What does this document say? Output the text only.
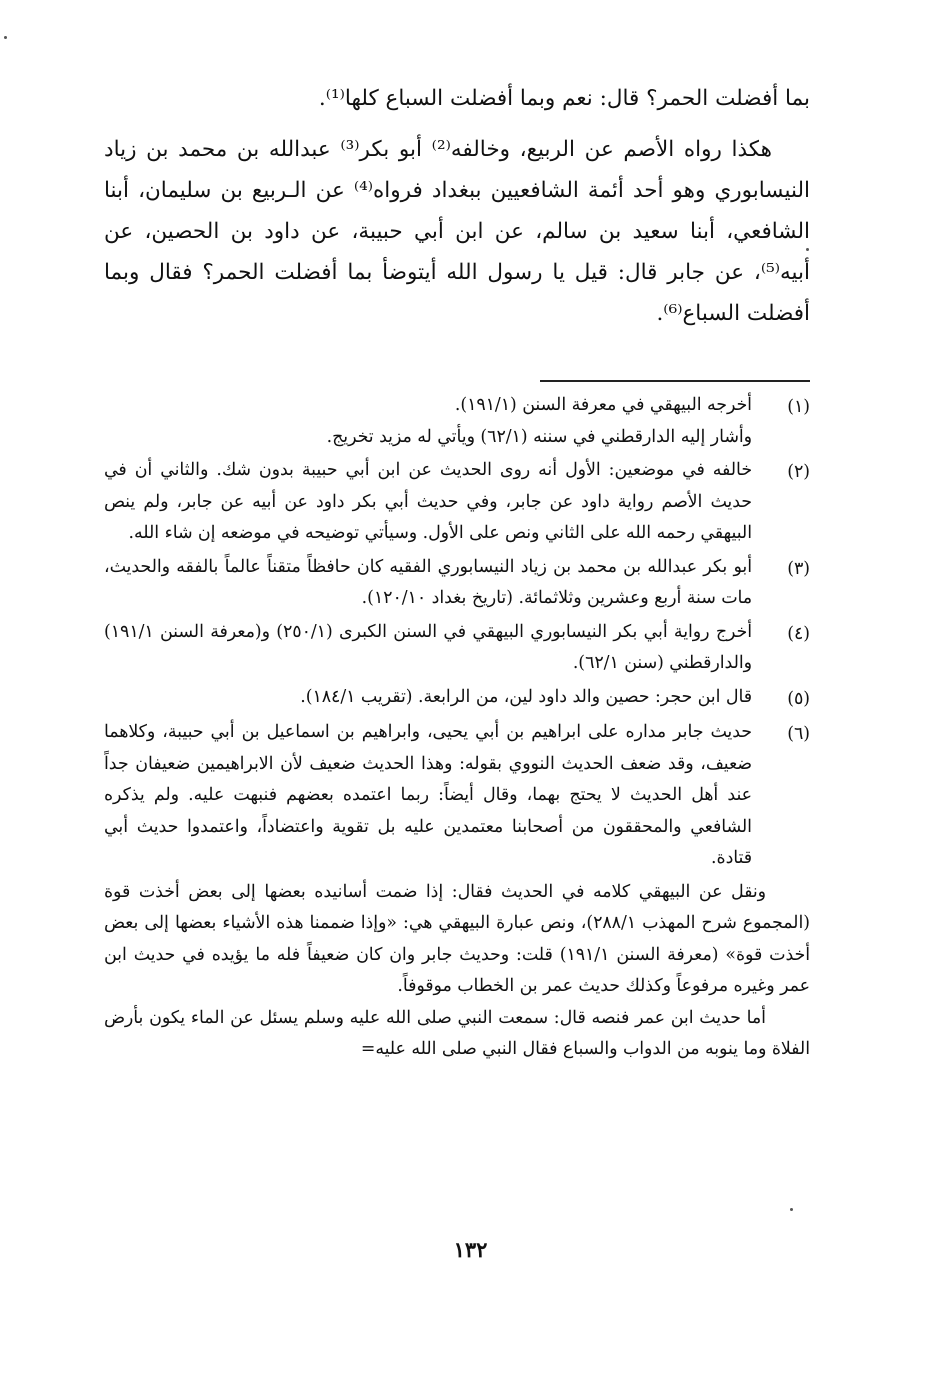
بما أفضلت الحمر؟ قال: نعم وبما أفضلت السباع كلها⁽¹⁾.

هكذا رواه الأصم عن الربيع، وخالفه⁽²⁾ أبو بكر⁽³⁾ عبدالله بن محمد بن زياد النيسابوري وهو أحد أئمة الشافعيين ببغداد فرواه⁽⁴⁾ عن الـربيع بن سليمان، أبنا الشافعي، أبنا سعيد بن سالم، عن ابن أبي حبيبة، عن داود بن الحصين، عن أبيه⁽⁵⁾، عن جابر قال: قيل يا رسول الله أيتوضأ بما أفضلت الحمر؟ فقال وبما أفضلت السباع⁽⁶⁾.

(١)

أخرجه البيهقي في معرفة السنن (١٩١/١).

وأشار إليه الدارقطني في سننه (٦٢/١) ويأتي له مزيد تخريج.

(٢)

خالفه في موضعين: الأول أنه روى الحديث عن ابن أبي حبيبة بدون شك. والثاني أن في حديث الأصم رواية داود عن جابر، وفي حديث أبي بكر داود عن أبيه عن جابر، ولم ينص البيهقي رحمه الله على الثاني ونص على الأول. وسيأتي توضيحه في موضعه إن شاء الله.

(٣)

أبو بكر عبدالله بن محمد بن زياد النيسابوري الفقيه كان حافظاً متقناً عالماً بالفقه والحديث، مات سنة أربع وعشرين وثلاثمائة. (تاريخ بغداد ١٢٠/١٠).

(٤)

أخرج رواية أبي بكر النيسابوري البيهقي في السنن الكبرى (٢٥٠/١) و(معرفة السنن ١٩١/١) والدارقطني (سنن ٦٢/١).

(٥)

قال ابن حجر: حصين والد داود لين، من الرابعة. (تقريب ١٨٤/١).

(٦)

حديث جابر مداره على ابراهيم بن أبي يحيى، وابراهيم بن اسماعيل بن أبي حبيبة، وكلاهما ضعيف، وقد ضعف الحديث النووي بقوله: وهذا الحديث ضعيف لأن الابراهيمين ضعيفان جداً عند أهل الحديث لا يحتج بهما، وقال أيضاً: ربما اعتمده بعضهم فنبهت عليه. ولم يذكره الشافعي والمحققون من أصحابنا معتمدين عليه بل تقوية واعتضاداً، واعتمدوا حديث أبي قتادة.

ونقل عن البيهقي كلامه في الحديث فقال: إذا ضمت أسانيده بعضها إلى بعض أخذت قوة (المجموع شرح المهذب ٢٨٨/١)، ونص عبارة البيهقي هي: «وإذا ضممنا هذه الأشياء بعضها إلى بعض أخذت قوة» (معرفة السنن ١٩١/١) قلت: وحديث جابر وان كان ضعيفاً فله ما يؤيده في حديث ابن عمر وغيره مرفوعاً وكذلك حديث عمر بن الخطاب موقوفاً.

أما حديث ابن عمر فنصه قال: سمعت النبي صلى الله عليه وسلم يسئل عن الماء يكون بأرض الفلاة وما ينوبه من الدواب والسباع فقال النبي صلى الله عليه=

١٣٢
